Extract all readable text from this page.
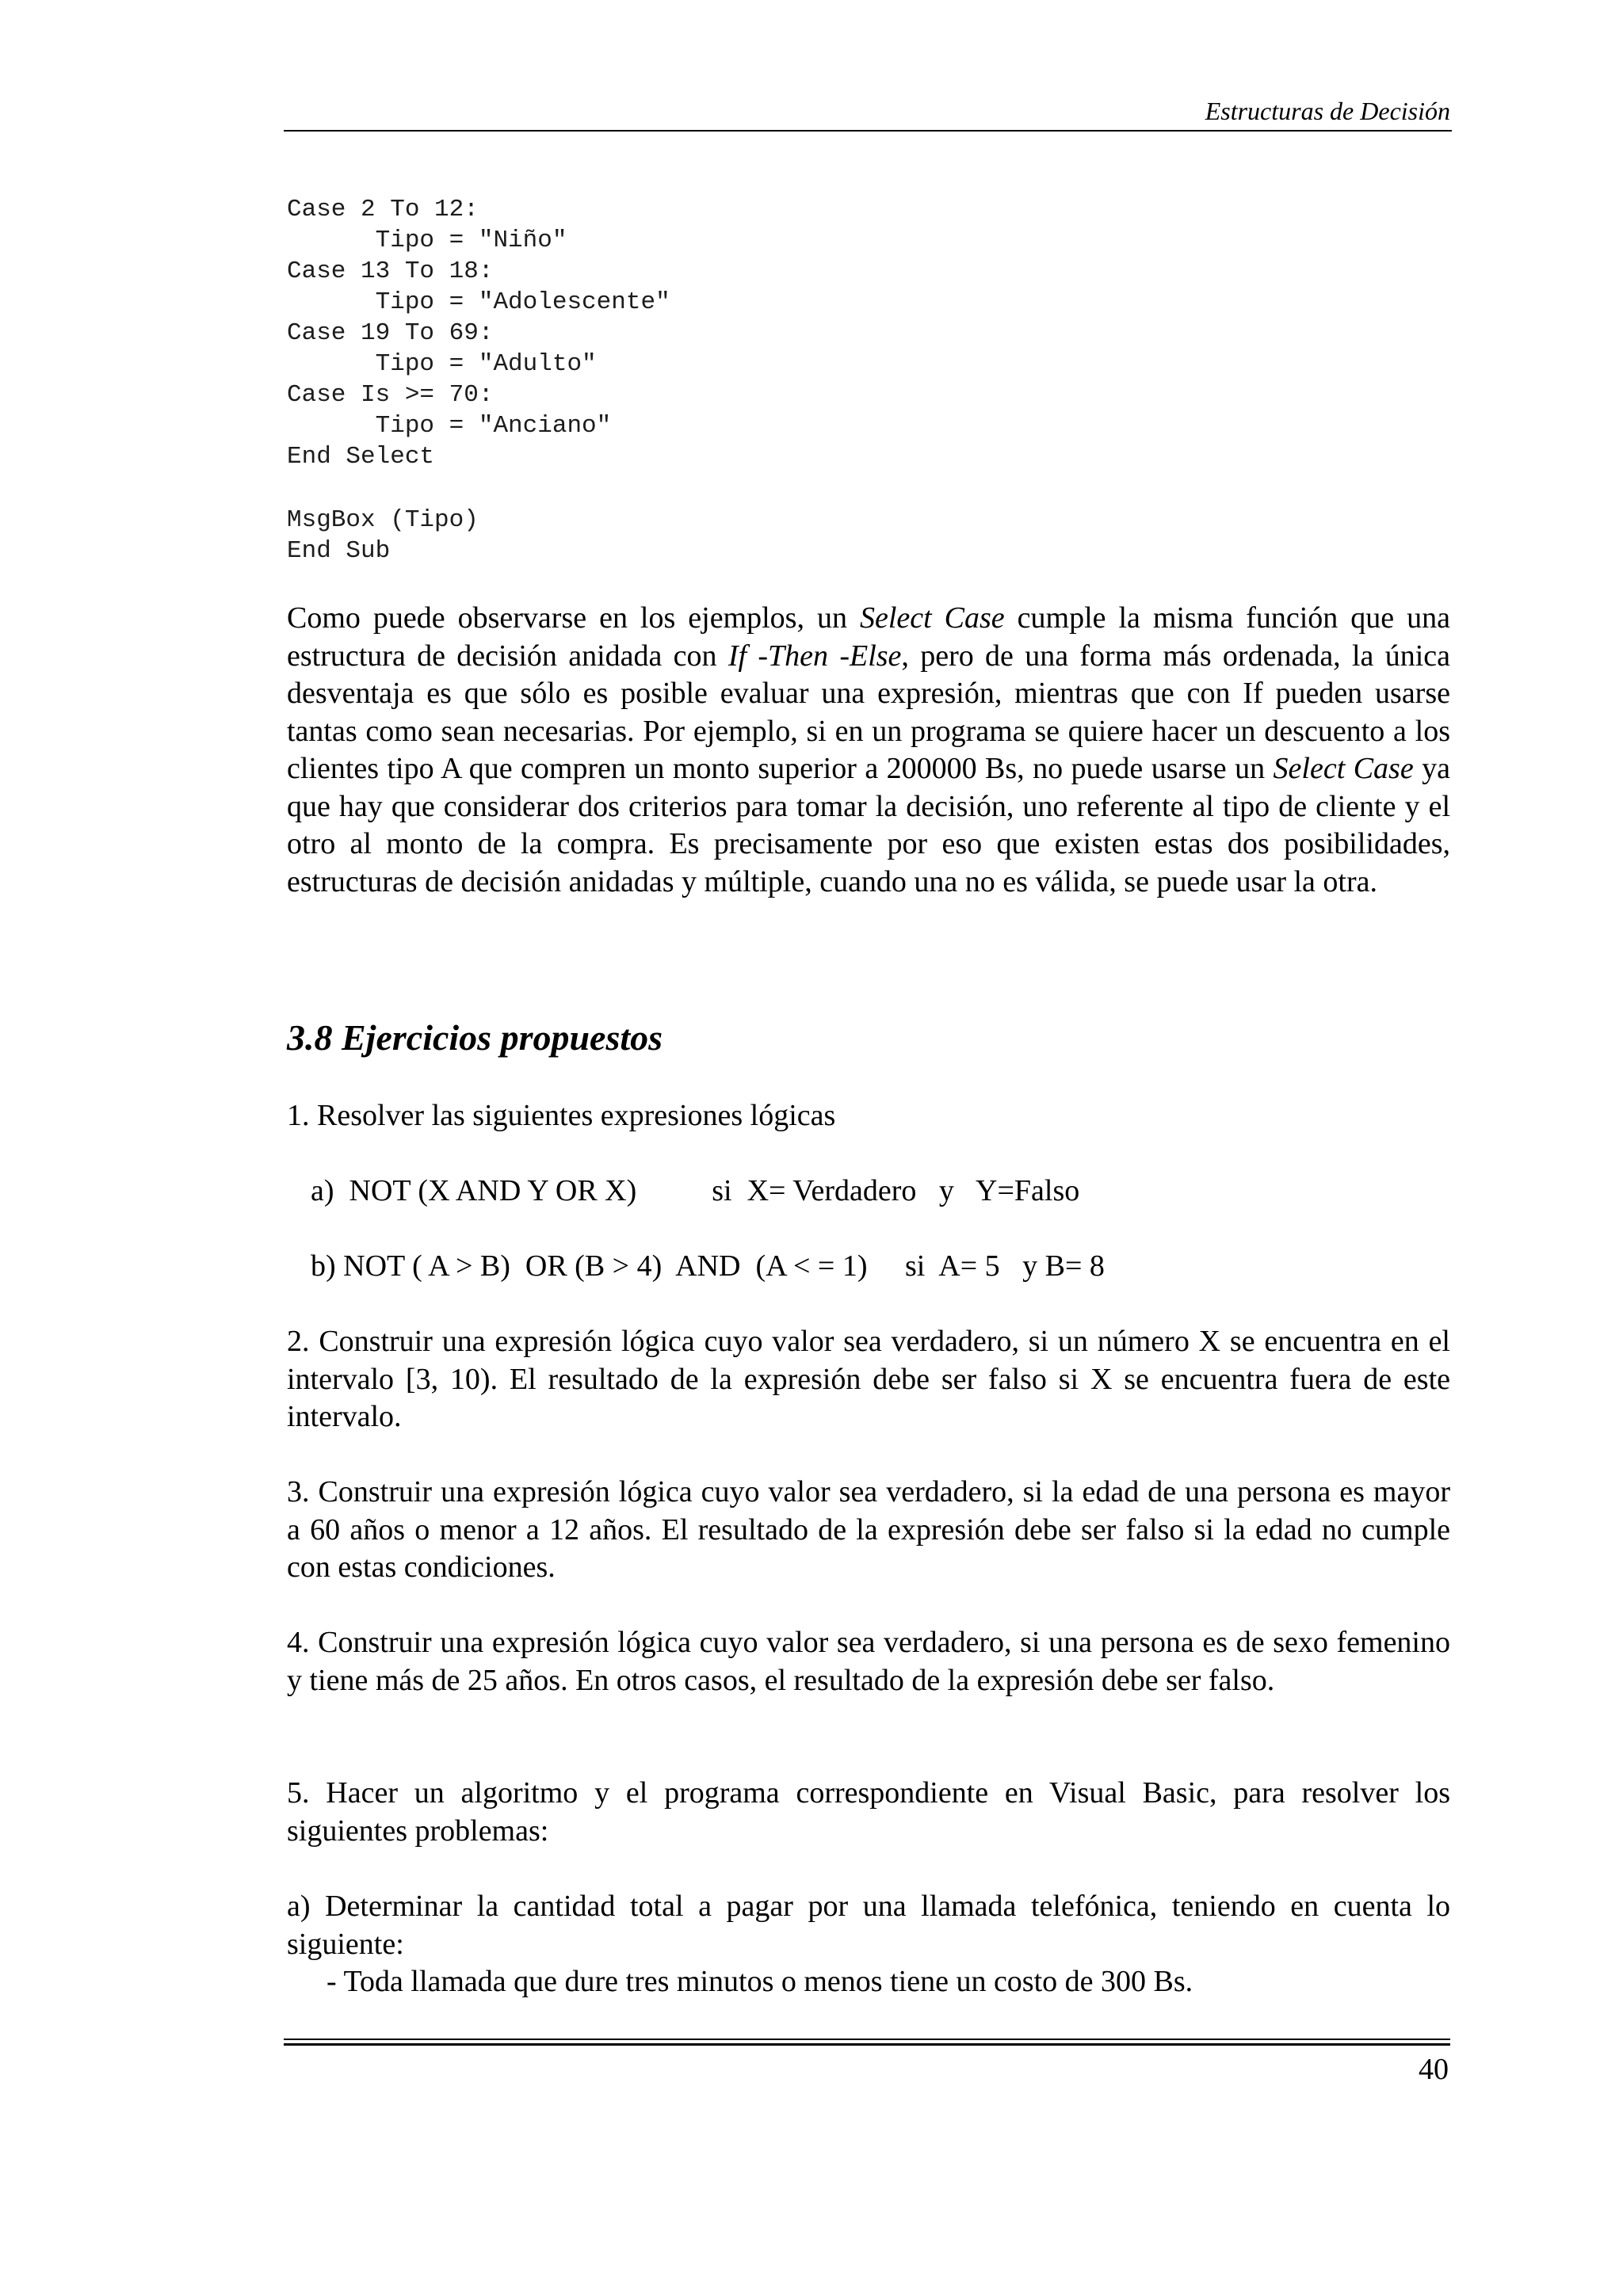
Estructuras de Decisión
Case 2 To 12:
Tipo = "Niño"
Case 13 To 18:
Tipo = "Adolescente"
Case 19 To 69:
Tipo = "Adulto"
Case Is >= 70:
Tipo = "Anciano"
End Select
MsgBox (Tipo)
End Sub

Como puede observarse en los ejemplos, un Select Case cumple la misma función que una estructura de decisión anidada con If -Then -Else, pero de una forma más ordenada, la única desventaja es que sólo es posible evaluar una expresión, mientras que con If pueden usarse tantas como sean necesarias. Por ejemplo, si en un programa se quiere hacer un descuento a los clientes tipo A que compren un monto superior a 200000 Bs, no puede usarse un Select Case ya que hay que considerar dos criterios para tomar la decisión, uno referente al tipo de cliente y el otro al monto de la compra. Es precisamente por eso que existen estas dos posibilidades, estructuras de decisión anidadas y múltiple, cuando una no es válida, se puede usar la otra.

3.8 Ejercicios propuestos
1. Resolver las siguientes expresiones lógicas
a)  NOT (X AND Y OR X)          si  X= Verdadero   y   Y=Falso
b) NOT ( A > B)  OR (B > 4)  AND  (A < = 1)     si  A= 5   y B= 8

2. Construir una expresión lógica cuyo valor sea verdadero, si un número X se encuentra en el intervalo [3, 10). El resultado de la expresión debe ser falso si X se encuentra fuera de este intervalo.

3. Construir una expresión lógica cuyo valor sea verdadero, si la edad de una persona es mayor a 60 años o menor a 12 años. El resultado de la expresión debe ser falso si la edad no cumple con estas condiciones.

4. Construir una expresión lógica cuyo valor sea verdadero, si una persona es de sexo femenino y tiene más de 25 años. En otros casos, el resultado de la expresión debe ser falso.

5. Hacer un algoritmo y el programa correspondiente en Visual Basic, para resolver los siguientes problemas:

a) Determinar la cantidad total a pagar por una llamada telefónica, teniendo en cuenta lo siguiente:

- Toda llamada que dure tres minutos o menos tiene un costo de 300 Bs.
40
